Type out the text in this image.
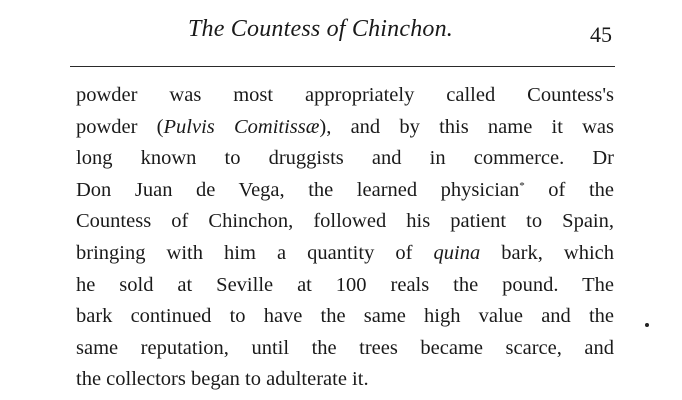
The Countess of Chinchon.	45
powder was most appropriately called Countess's
powder (Pulvis Comitissæ), and by this name it was
long known to druggists and in commerce. Dr
Don Juan de Vega, the learned physician* of the
Countess of Chinchon, followed his patient to Spain,
bringing with him a quantity of quina bark, which
he sold at Seville at 100 reals the pound. The
bark continued to have the same high value and the
same reputation, until the trees became scarce, and
the collectors began to adulterate it.
